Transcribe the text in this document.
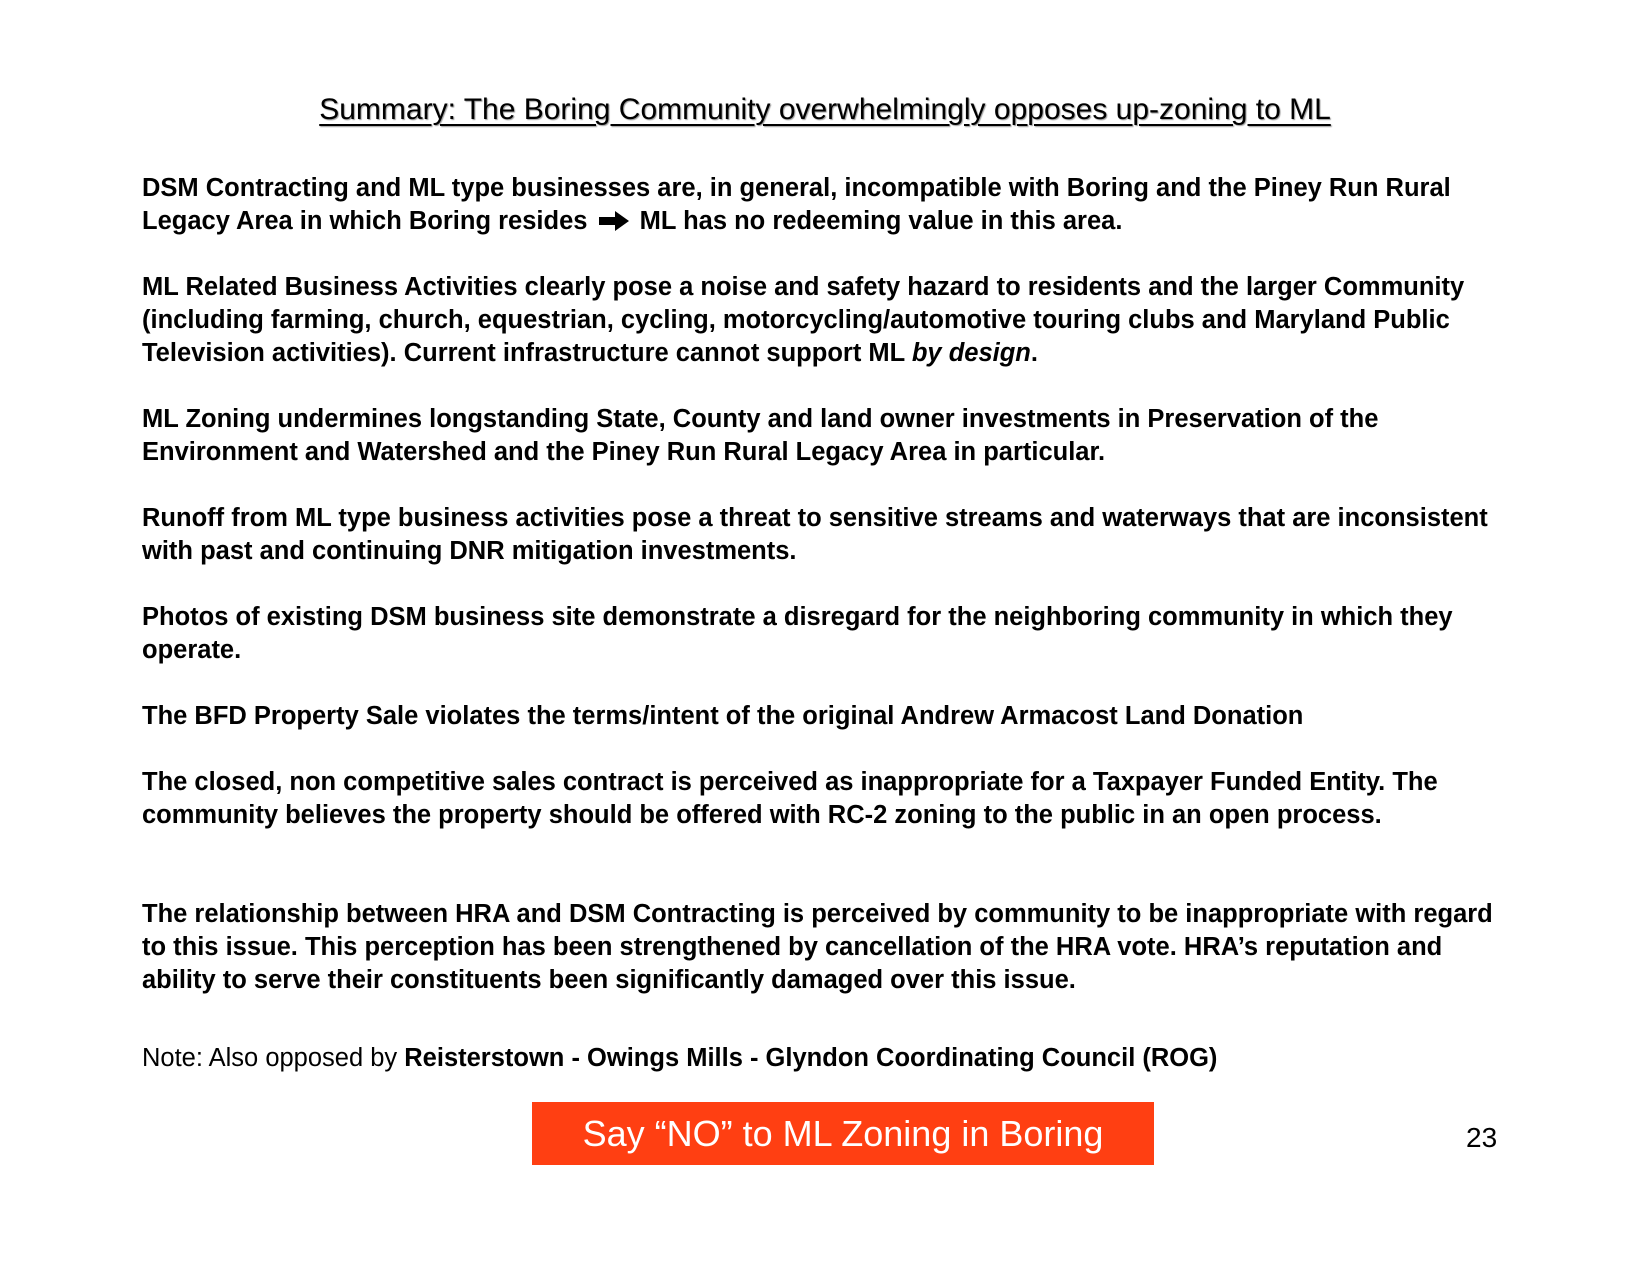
Summary: The Boring Community overwhelmingly opposes up-zoning to ML

DSM Contracting and ML type businesses are, in general, incompatible with Boring and the Piney Run Rural Legacy Area in which Boring resides ML has no redeeming value in this area.

ML Related Business Activities clearly pose a noise and safety hazard to residents and the larger Community (including farming, church, equestrian, cycling, motorcycling/automotive touring clubs and Maryland Public Television activities). Current infrastructure cannot support ML by design.

ML Zoning undermines longstanding State, County and land owner investments in Preservation of the Environment and Watershed and the Piney Run Rural Legacy Area in particular.

Runoff from ML type business activities pose a threat to sensitive streams and waterways that are inconsistent with past and continuing DNR mitigation investments.

Photos of existing DSM business site demonstrate a disregard for the neighboring community in which they operate.

The BFD Property Sale violates the terms/intent of the original Andrew Armacost Land Donation

The closed, non competitive sales contract is perceived as inappropriate for a Taxpayer Funded Entity. The community believes the property should be offered with RC-2 zoning to the public in an open process.

The relationship between HRA and DSM Contracting is perceived by community to be inappropriate with regard to this issue. This perception has been strengthened by cancellation of the HRA vote. HRA’s reputation and ability to serve their constituents been significantly damaged over this issue.

Note: Also opposed by Reisterstown - Owings Mills - Glyndon Coordinating Council (ROG)

Say “NO” to ML Zoning in Boring	23
